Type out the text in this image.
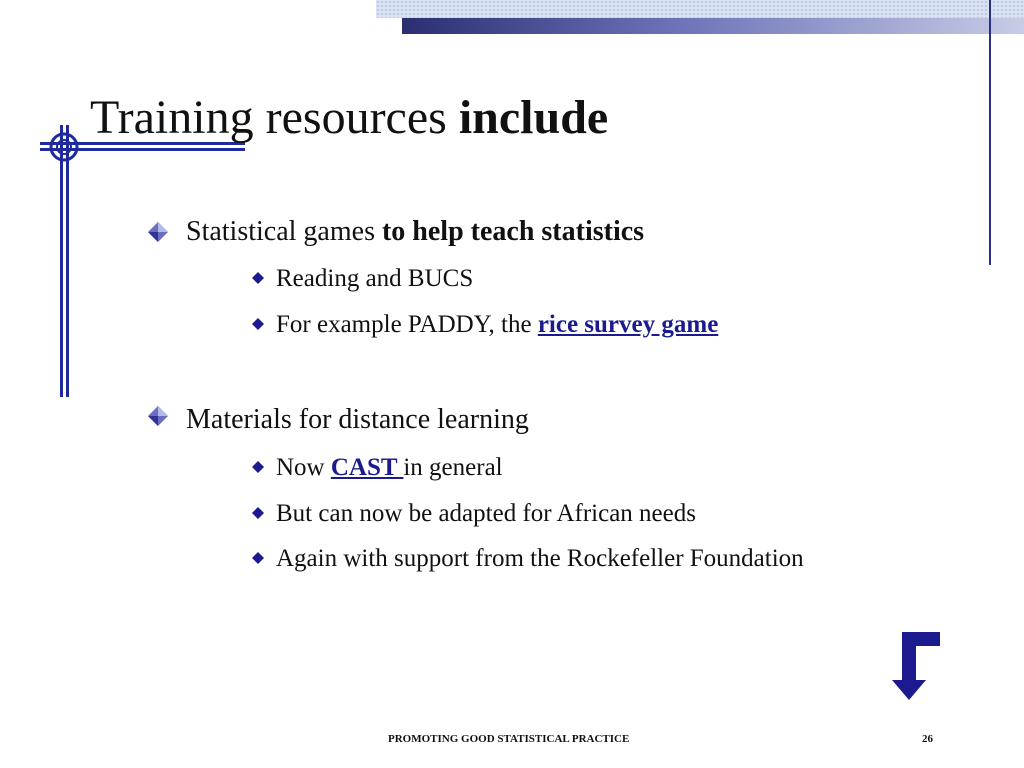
Training resources include
Statistical games to help teach statistics
Reading and BUCS
For example PADDY, the rice survey game
Materials for distance learning
Now CAST in general
But can now be adapted for African needs
Again with support from the Rockefeller Foundation
PROMOTING GOOD STATISTICAL PRACTICE	26
